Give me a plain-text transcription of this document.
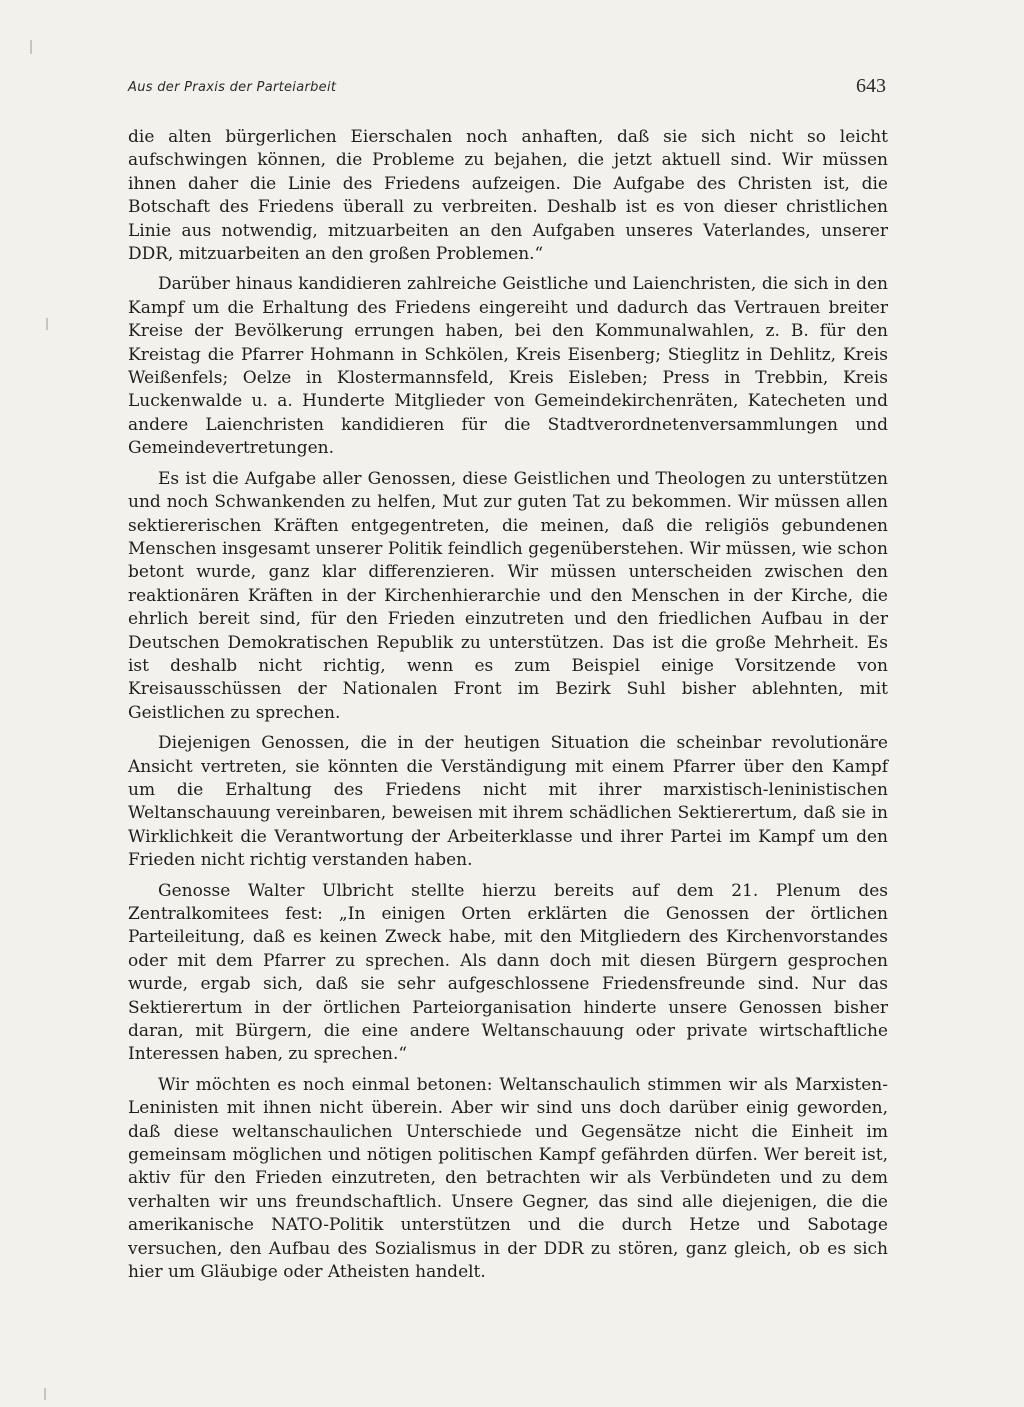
Aus der Praxis der Parteiarbeit	643

die alten bürgerlichen Eierschalen noch anhaften, daß sie sich nicht so leicht aufschwingen können, die Probleme zu bejahen, die jetzt aktuell sind. Wir müssen ihnen daher die Linie des Friedens aufzeigen. Die Aufgabe des Christen ist, die Botschaft des Friedens überall zu verbreiten. Deshalb ist es von dieser christlichen Linie aus notwendig, mitzuarbeiten an den Aufgaben unseres Vaterlandes, unserer DDR, mitzuarbeiten an den großen Problemen.“

Darüber hinaus kandidieren zahlreiche Geistliche und Laienchristen, die sich in den Kampf um die Erhaltung des Friedens eingereiht und dadurch das Vertrauen breiter Kreise der Bevölkerung errungen haben, bei den Kommunalwahlen, z. B. für den Kreistag die Pfarrer Hohmann in Schkölen, Kreis Eisenberg; Stieglitz in Dehlitz, Kreis Weißenfels; Oelze in Klostermannsfeld, Kreis Eisleben; Press in Trebbin, Kreis Luckenwalde u. a. Hunderte Mitglieder von Gemeindekirchenräten, Katecheten und andere Laienchristen kandidieren für die Stadtverordnetenversammlungen und Gemeindevertretungen.

Es ist die Aufgabe aller Genossen, diese Geistlichen und Theologen zu unterstützen und noch Schwankenden zu helfen, Mut zur guten Tat zu bekommen. Wir müssen allen sektiererischen Kräften entgegentreten, die meinen, daß die religiös gebundenen Menschen insgesamt unserer Politik feindlich gegenüberstehen. Wir müssen, wie schon betont wurde, ganz klar differenzieren. Wir müssen unterscheiden zwischen den reaktionären Kräften in der Kirchenhierarchie und den Menschen in der Kirche, die ehrlich bereit sind, für den Frieden einzutreten und den friedlichen Aufbau in der Deutschen Demokratischen Republik zu unterstützen. Das ist die große Mehrheit. Es ist deshalb nicht richtig, wenn es zum Beispiel einige Vorsitzende von Kreisausschüssen der Nationalen Front im Bezirk Suhl bisher ablehnten, mit Geistlichen zu sprechen.

Diejenigen Genossen, die in der heutigen Situation die scheinbar revolutionäre Ansicht vertreten, sie könnten die Verständigung mit einem Pfarrer über den Kampf um die Erhaltung des Friedens nicht mit ihrer marxistisch-leninistischen Weltanschauung vereinbaren, beweisen mit ihrem schädlichen Sektierertum, daß sie in Wirklichkeit die Verantwortung der Arbeiterklasse und ihrer Partei im Kampf um den Frieden nicht richtig verstanden haben.

Genosse Walter Ulbricht stellte hierzu bereits auf dem 21. Plenum des Zentralkomitees fest: „In einigen Orten erklärten die Genossen der örtlichen Parteileitung, daß es keinen Zweck habe, mit den Mitgliedern des Kirchenvorstandes oder mit dem Pfarrer zu sprechen. Als dann doch mit diesen Bürgern gesprochen wurde, ergab sich, daß sie sehr aufgeschlossene Friedensfreunde sind. Nur das Sektierertum in der örtlichen Parteiorganisation hinderte unsere Genossen bisher daran, mit Bürgern, die eine andere Weltanschauung oder private wirtschaftliche Interessen haben, zu sprechen.“

Wir möchten es noch einmal betonen: Weltanschaulich stimmen wir als Marxisten-Leninisten mit ihnen nicht überein. Aber wir sind uns doch darüber einig geworden, daß diese weltanschaulichen Unterschiede und Gegensätze nicht die Einheit im gemeinsam möglichen und nötigen politischen Kampf gefährden dürfen. Wer bereit ist, aktiv für den Frieden einzutreten, den betrachten wir als Verbündeten und zu dem verhalten wir uns freundschaftlich. Unsere Gegner, das sind alle diejenigen, die die amerikanische NATO-Politik unterstützen und die durch Hetze und Sabotage versuchen, den Aufbau des Sozialismus in der DDR zu stören, ganz gleich, ob es sich hier um Gläubige oder Atheisten handelt.
